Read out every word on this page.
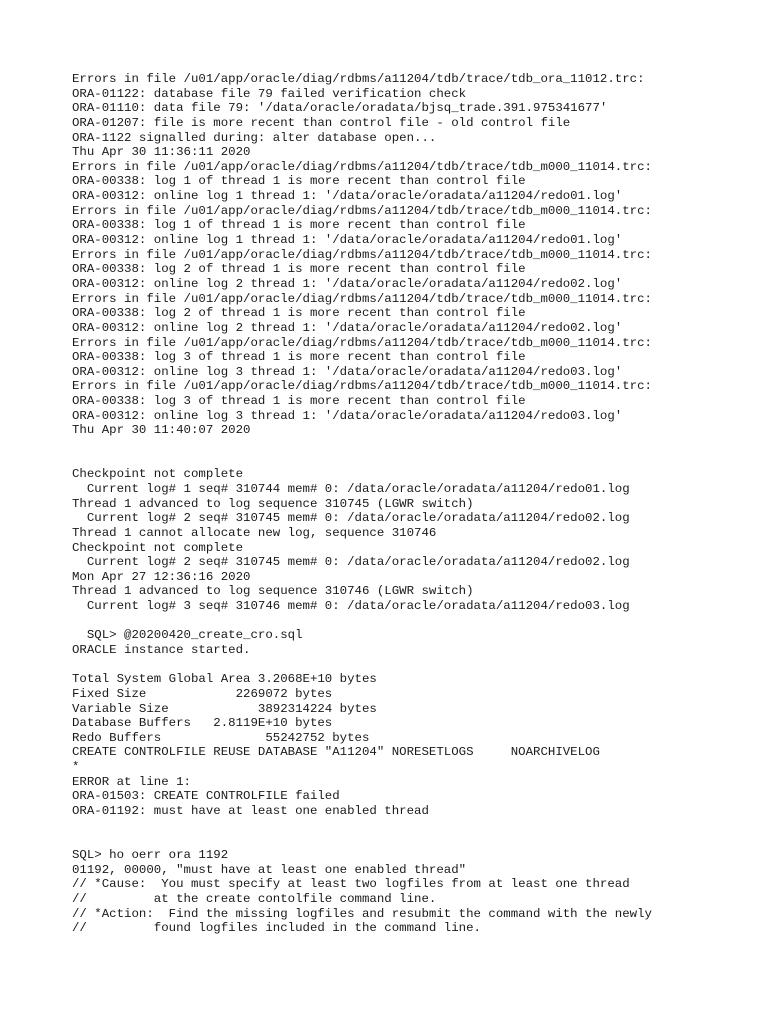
Errors in file /u01/app/oracle/diag/rdbms/a11204/tdb/trace/tdb_ora_11012.trc:
ORA-01122: database file 79 failed verification check
ORA-01110: data file 79: '/data/oracle/oradata/bjsq_trade.391.975341677'
ORA-01207: file is more recent than control file - old control file
ORA-1122 signalled during: alter database open...
Thu Apr 30 11:36:11 2020
Errors in file /u01/app/oracle/diag/rdbms/a11204/tdb/trace/tdb_m000_11014.trc:
ORA-00338: log 1 of thread 1 is more recent than control file
ORA-00312: online log 1 thread 1: '/data/oracle/oradata/a11204/redo01.log'
Errors in file /u01/app/oracle/diag/rdbms/a11204/tdb/trace/tdb_m000_11014.trc:
ORA-00338: log 1 of thread 1 is more recent than control file
ORA-00312: online log 1 thread 1: '/data/oracle/oradata/a11204/redo01.log'
Errors in file /u01/app/oracle/diag/rdbms/a11204/tdb/trace/tdb_m000_11014.trc:
ORA-00338: log 2 of thread 1 is more recent than control file
ORA-00312: online log 2 thread 1: '/data/oracle/oradata/a11204/redo02.log'
Errors in file /u01/app/oracle/diag/rdbms/a11204/tdb/trace/tdb_m000_11014.trc:
ORA-00338: log 2 of thread 1 is more recent than control file
ORA-00312: online log 2 thread 1: '/data/oracle/oradata/a11204/redo02.log'
Errors in file /u01/app/oracle/diag/rdbms/a11204/tdb/trace/tdb_m000_11014.trc:
ORA-00338: log 3 of thread 1 is more recent than control file
ORA-00312: online log 3 thread 1: '/data/oracle/oradata/a11204/redo03.log'
Errors in file /u01/app/oracle/diag/rdbms/a11204/tdb/trace/tdb_m000_11014.trc:
ORA-00338: log 3 of thread 1 is more recent than control file
ORA-00312: online log 3 thread 1: '/data/oracle/oradata/a11204/redo03.log'
Thu Apr 30 11:40:07 2020
Checkpoint not complete
Current log# 1 seq# 310744 mem# 0: /data/oracle/oradata/a11204/redo01.log
Thread 1 advanced to log sequence 310745 (LGWR switch)
Current log# 2 seq# 310745 mem# 0: /data/oracle/oradata/a11204/redo02.log
Thread 1 cannot allocate new log, sequence 310746
Checkpoint not complete
Current log# 2 seq# 310745 mem# 0: /data/oracle/oradata/a11204/redo02.log
Mon Apr 27 12:36:16 2020
Thread 1 advanced to log sequence 310746 (LGWR switch)
Current log# 3 seq# 310746 mem# 0: /data/oracle/oradata/a11204/redo03.log
SQL> @20200420_create_cro.sql
ORACLE instance started.
Total System Global Area 3.2068E+10 bytes
Fixed Size            2269072 bytes
Variable Size            3892314224 bytes
Database Buffers   2.8119E+10 bytes
Redo Buffers              55242752 bytes
CREATE CONTROLFILE REUSE DATABASE "A11204" NORESETLOGS     NOARCHIVELOG
*
ERROR at line 1:
ORA-01503: CREATE CONTROLFILE failed
ORA-01192: must have at least one enabled thread
SQL> ho oerr ora 1192
01192, 00000, "must have at least one enabled thread"
// *Cause:  You must specify at least two logfiles from at least one thread
//         at the create contolfile command line.
// *Action:  Find the missing logfiles and resubmit the command with the newly
//         found logfiles included in the command line.
